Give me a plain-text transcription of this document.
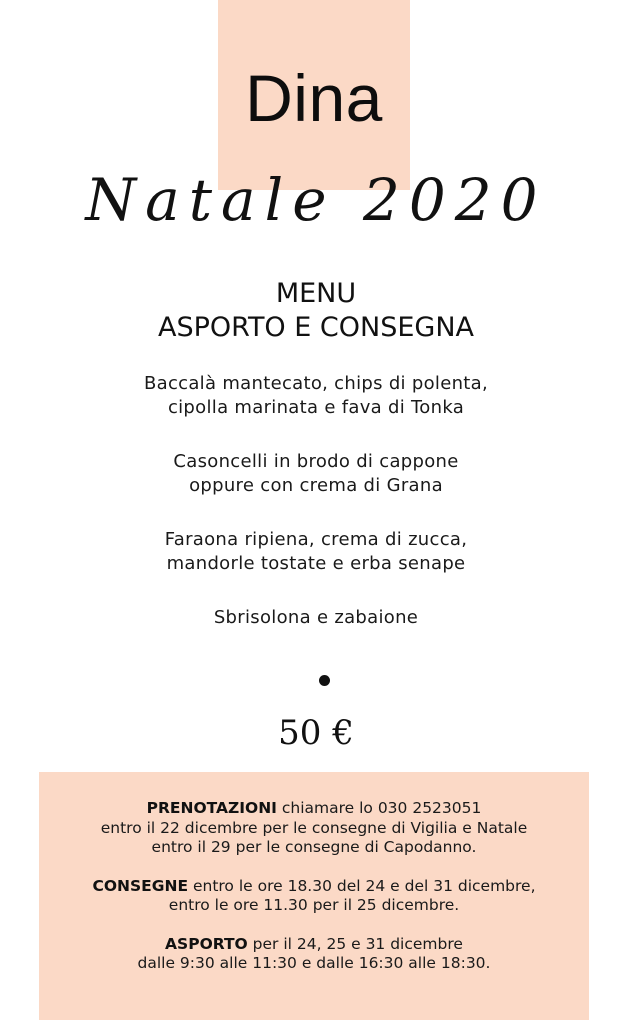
Dina
Natale 2020
MENU
ASPORTO E CONSEGNA
Baccalà mantecato, chips di polenta,
cipolla marinata e fava di Tonka
Casoncelli in brodo di cappone
oppure con crema di Grana
Faraona ripiena, crema di zucca,
mandorle tostate e erba senape
Sbrisolona e zabaione
50 €
PRENOTAZIONI chiamare lo 030 2523051
entro il 22 dicembre per le consegne di Vigilia e Natale
entro il 29 per le consegne di Capodanno.
CONSEGNE entro le ore 18.30 del 24 e del 31 dicembre,
entro le ore 11.30 per il 25 dicembre.
ASPORTO per il 24, 25 e 31 dicembre
dalle 9:30 alle 11:30 e dalle 16:30 alle 18:30.
